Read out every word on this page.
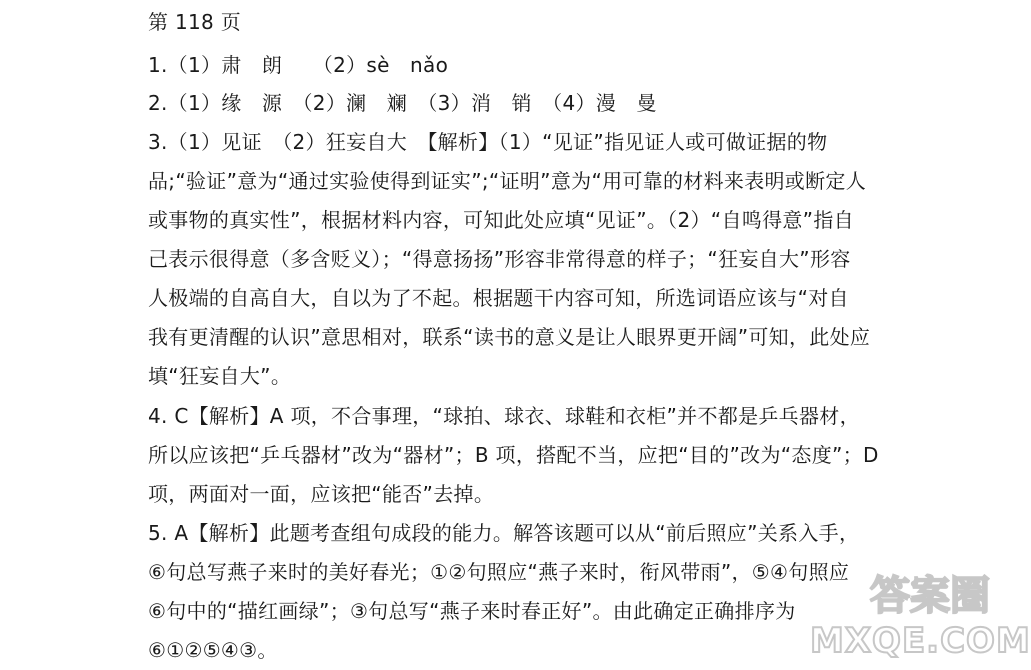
第 118 页
1.（1）肃　朗　　（2）sè　nǎo
2.（1）缘　源　（2）澜　斓　（3）消　销　（4）漫　曼
3.（1）见证　（2）狂妄自大　【解析】（1）“见证”指见证人或可做证据的物
品;“验证”意为“通过实验使得到证实”;“证明”意为“用可靠的材料来表明或断定人
或事物的真实性”，根据材料内容，可知此处应填“见证”。（2）“自鸣得意”指自
己表示很得意（多含贬义）；“得意扬扬”形容非常得意的样子；“狂妄自大”形容
人极端的自高自大，自以为了不起。根据题干内容可知，所选词语应该与“对自
我有更清醒的认识”意思相对，联系“读书的意义是让人眼界更开阔”可知，此处应
填“狂妄自大”。
4. C【解析】A 项，不合事理，“球拍、球衣、球鞋和衣柜”并不都是乒乓器材，
所以应该把“乒乓器材”改为“器材”；B 项，搭配不当，应把“目的”改为“态度”；D
项，两面对一面，应该把“能否”去掉。
5. A【解析】此题考查组句成段的能力。解答该题可以从“前后照应”关系入手，
⑥句总写燕子来时的美好春光；①②句照应“燕子来时，衔风带雨”，⑤④句照应
⑥句中的“描红画绿”；③句总写“燕子来时春正好”。由此确定正确排序为
⑥①②⑤④③。
答案圈
MXQE.COM
